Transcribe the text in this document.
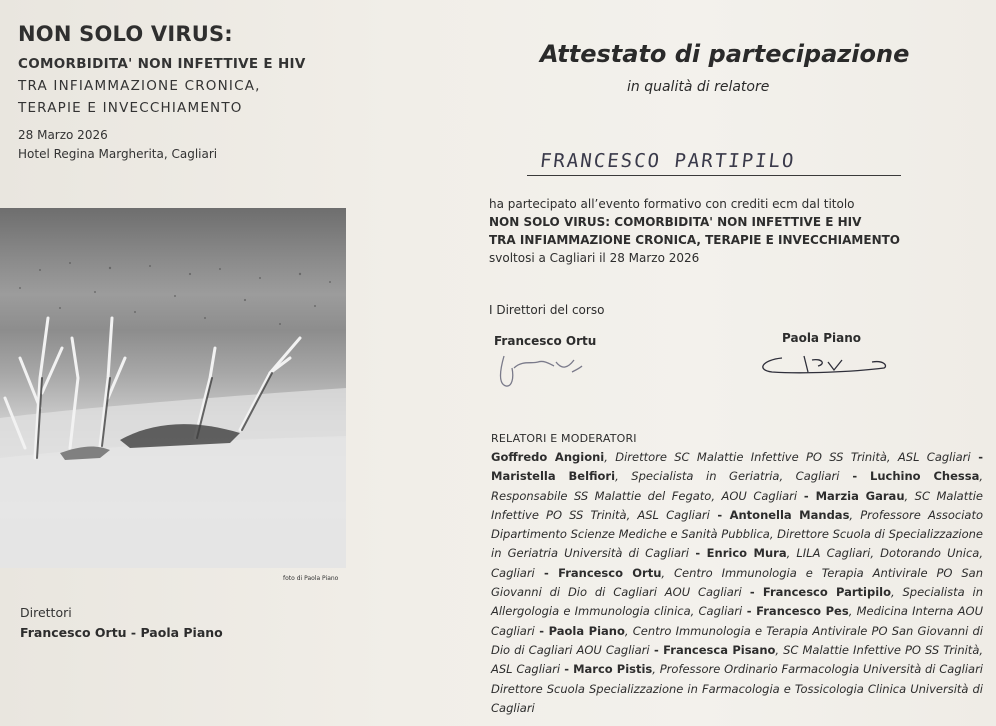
NON SOLO VIRUS:
COMORBIDITA' NON INFETTIVE E HIV
TRA INFIAMMAZIONE CRONICA,
TERAPIE E INVECCHIAMENTO
28 Marzo 2026
Hotel Regina Margherita, Cagliari
foto di Paola Piano
Direttori
Francesco Ortu - Paola Piano
Attestato di partecipazione
in qualità di relatore
FRANCESCO PARTIPILO
ha partecipato all’evento formativo con crediti ecm dal titolo
NON SOLO VIRUS: COMORBIDITA' NON INFETTIVE E HIV
TRA INFIAMMAZIONE CRONICA, TERAPIE E INVECCHIAMENTO
svoltosi a Cagliari il 28 Marzo 2026
I Direttori del corso
Francesco Ortu	Paola Piano
RELATORI E MODERATORI

Goffredo Angioni, Direttore SC Malattie Infettive PO SS Trinità, ASL Cagliari - Maristella Belfiori, Specialista in Geriatria, Cagliari - Luchino Chessa, Responsabile SS Malattie del Fegato, AOU Cagliari - Marzia Garau, SC Malattie Infettive PO SS Trinità, ASL Cagliari - Antonella Mandas, Professore Associato Dipartimento Scienze Mediche e Sanità Pubblica, Direttore Scuola di Specializzazione in Geriatria Università di Cagliari - Enrico Mura, LILA Cagliari, Dotorando Unica, Cagliari - Francesco Ortu, Centro Immunologia e Terapia Antivirale PO San Giovanni di Dio di Cagliari AOU Cagliari - Francesco Partipilo, Specialista in Allergologia e Immunologia clinica, Cagliari - Francesco Pes, Medicina Interna AOU Cagliari - Paola Piano, Centro Immunologia e Terapia Antivirale PO San Giovanni di Dio di Cagliari AOU Cagliari - Francesca Pisano, SC Malattie Infettive PO SS Trinità, ASL Cagliari - Marco Pistis, Professore Ordinario Farmacologia Università di Cagliari Direttore Scuola Specializzazione in Farmacologia e Tossicologia Clinica Università di Cagliari
